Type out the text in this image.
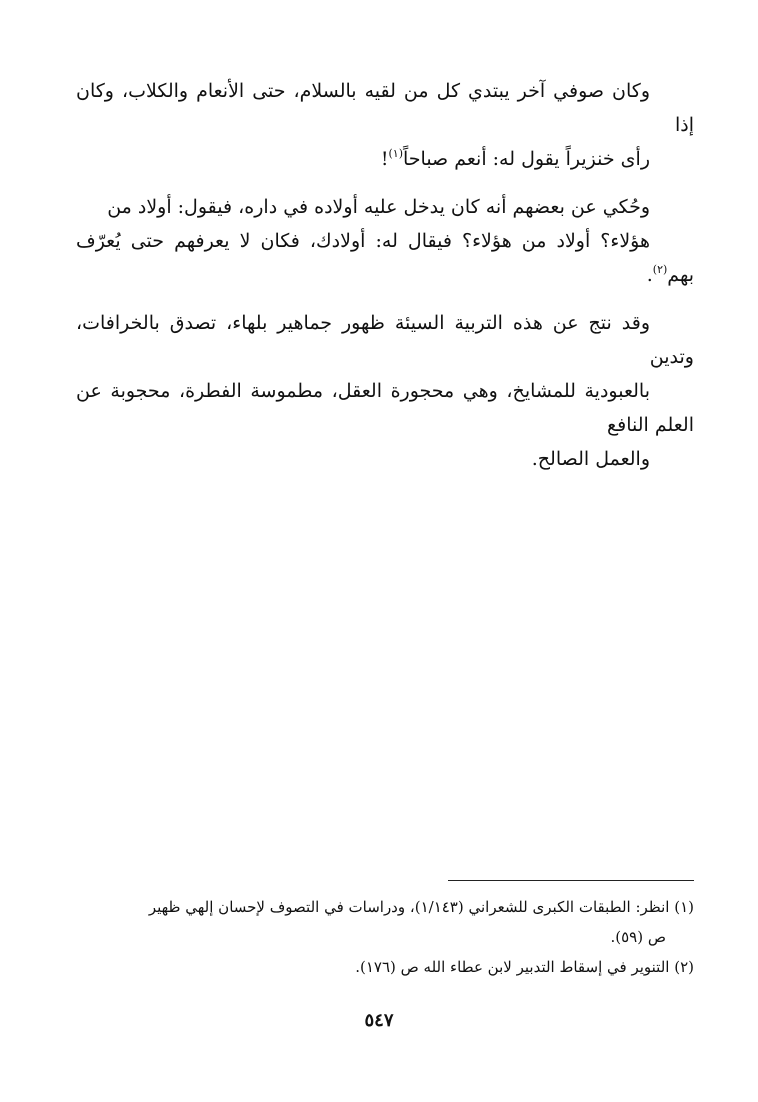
وكان صوفي آخر يبتدي كل من لقيه بالسلام، حتى الأنعام والكلاب، وكان إذا
رأى خنزيراً يقول له: أنعم صباحاً$^{(١)}$!

وحُكي عن بعضهم أنه كان يدخل عليه أولاده في داره، فيقول: أولاد من
هؤلاء؟ أولاد من هؤلاء؟ فيقال له: أولادك، فكان لا يعرفهم حتى يُعرّف بهم$^{(٢)}$.

وقد نتج عن هذه التربية السيئة ظهور جماهير بلهاء، تصدق بالخرافات، وتدين
بالعبودية للمشايخ، وهي محجورة العقل، مطموسة الفطرة، محجوبة عن العلم النافع
والعمل الصالح.

(١) انظر: الطبقات الكبرى للشعراني (١/١٤٣)، ودراسات في التصوف لإحسان إلهي ظهير
ص (٥٩).

(٢) التنوير في إسقاط التدبير لابن عطاء الله ص (١٧٦).

٥٤٧
